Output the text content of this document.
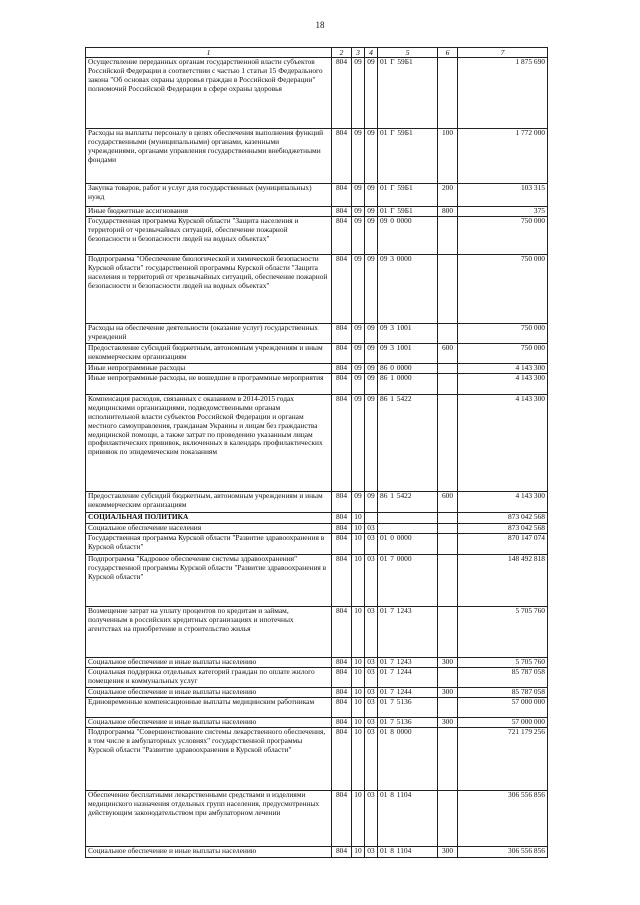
18
1	2	3	4	5	6	7
Осуществление переданных органам государственной власти субъектов Российской Федерации в соответствии с частью 1 статьи 15 Федерального закона "Об основах охраны здоровья граждан в Российской Федерации" полномочий Российской Федерации в сфере охраны здоровья	804	09	09	01 Г 59Б1		1 875 690
Расходы на выплаты персоналу в целях обеспечения выполнения функций государственными (муниципальными) органами, казенными учреждениями, органами управления государственными внебюджетными фондами	804	09	09	01 Г 59Б1	100	1 772 000
Закупка товаров, работ и услуг для государственных (муниципальных) нужд	804	09	09	01 Г 59Б1	200	103 315
Иные бюджетные ассигнования	804	09	09	01 Г 59Б1	800	375
Государственная программа Курской области "Защита населения и территорий от чрезвычайных ситуаций, обеспечение пожарной безопасности и безопасности людей на водных объектах"	804	09	09	09 0 0000		750 000
Подпрограмма "Обеспечение биологической и химической безопасности Курской области" государственной программы Курской области "Защита населения и территорий от чрезвычайных ситуаций, обеспечение пожарной безопасности и безопасности людей на водных объектах"	804	09	09	09 3 0000		750 000
Расходы на обеспечение деятельности (оказание услуг) государственных учреждений	804	09	09	09 3 1001		750 000
Предоставление субсидий бюджетным, автономным учреждениям и иным некоммерческим организациям	804	09	09	09 3 1001	600	750 000
Иные непрограммные расходы	804	09	09	86 0 0000		4 143 300
Иные непрограммные расходы, не вошедшие в программные мероприятия	804	09	09	86 1 0000		4 143 300
Компенсация расходов, связанных с оказанием в 2014-2015 годах медицинскими организациями, подведомственными органам исполнительной власти субъектов Российской Федерации и органам местного самоуправления, гражданам Украины и лицам без гражданства медицинской помощи, а также затрат по проведению указанным лицам профилактических прививок, включенных в календарь профилактических прививок по эпидемическим показаниям	804	09	09	86 1 5422		4 143 300
Предоставление субсидий бюджетным, автономным учреждениям и иным некоммерческим организациям	804	09	09	86 1 5422	600	4 143 300
СОЦИАЛЬНАЯ ПОЛИТИКА	804	10				873 042 568
Социальное обеспечение населения	804	10	03			873 042 568
Государственная программа Курской области "Развитие здравоохранения в Курской области"	804	10	03	01 0 0000		870 147 074
Подпрограмма "Кадровое обеспечение системы здравоохранения" государственной программы Курской области "Развитие здравоохранения в Курской области"	804	10	03	01 7 0000		148 492 818
Возмещение затрат на уплату процентов по кредитам и займам, полученным в российских кредитных организациях и ипотечных агентствах на приобретение и строительство жилья	804	10	03	01 7 1243		5 705 760
Социальное обеспечение и иные выплаты населению	804	10	03	01 7 1243	300	5 705 760
Социальная поддержка отдельных категорий граждан по оплате жилого помещения и коммунальных услуг	804	10	03	01 7 1244		85 787 058
Социальное обеспечение и иные выплаты населению	804	10	03	01 7 1244	300	85 787 058
Единовременные компенсационные выплаты медицинским работникам	804	10	03	01 7 5136		57 000 000
Социальное обеспечение и иные выплаты населению	804	10	03	01 7 5136	300	57 000 000
Подпрограмма "Совершенствование системы лекарственного обеспечения, в том числе в амбулаторных условиях" государственной программы Курской области "Развитие здравоохранения в Курской области"	804	10	03	01 8 0000		721 179 256
Обеспечение бесплатными лекарственными средствами и изделиями медицинского назначения отдельных групп населения, предусмотренных действующим законодательством при амбулаторном лечении	804	10	03	01 8 1104		306 556 856
Социальное обеспечение и иные выплаты населению	804	10	03	01 8 1104	300	306 556 856
